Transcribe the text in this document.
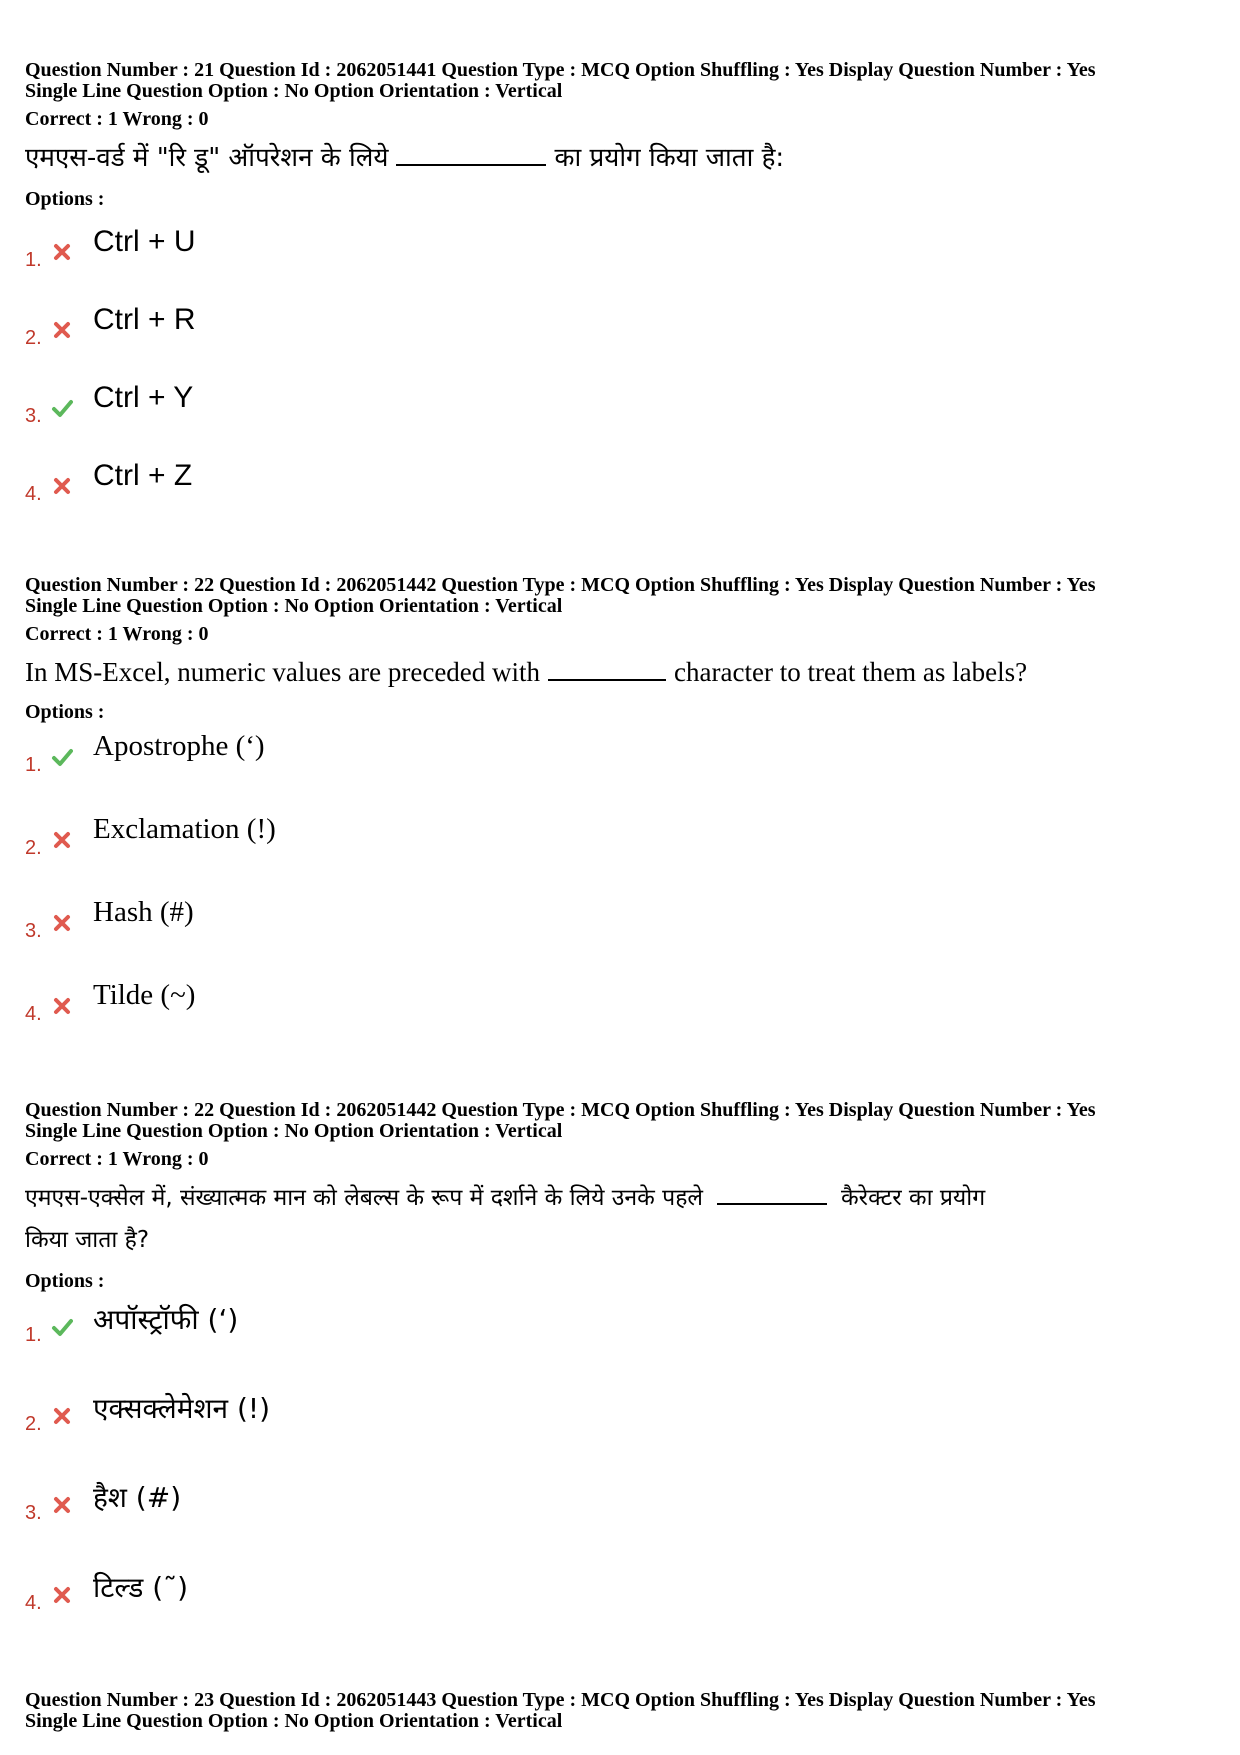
Question Number : 21 Question Id : 2062051441 Question Type : MCQ Option Shuffling : Yes Display Question Number : Yes
Single Line Question Option : No Option Orientation : Vertical
Correct : 1 Wrong : 0
एमएस-वर्ड में "रि डू" ऑपरेशन के लिये	का प्रयोग किया जाता है:
Options :
1.
Ctrl + U
2.
Ctrl + R
3.
Ctrl + Y
4.
Ctrl + Z
Question Number : 22 Question Id : 2062051442 Question Type : MCQ Option Shuffling : Yes Display Question Number : Yes
Single Line Question Option : No Option Orientation : Vertical
Correct : 1 Wrong : 0
In MS-Excel, numeric values are preceded with	character to treat them as labels?
Options :
1.
Apostrophe (‘)
2.
Exclamation (!)
3.
Hash (#)
4.
Tilde (~)
Question Number : 22 Question Id : 2062051442 Question Type : MCQ Option Shuffling : Yes Display Question Number : Yes
Single Line Question Option : No Option Orientation : Vertical
Correct : 1 Wrong : 0
एमएस-एक्सेल में, संख्यात्मक मान को लेबल्स के रूप में दर्शाने के लिये उनके पहले	कैरेक्टर का प्रयोग
किया जाता है?
Options :
1. अपॉस्ट्रॉफी (‘)
2. एक्सक्लेमेशन (!)
3. हैश (#)
4. टिल्ड (˜)
Question Number : 23 Question Id : 2062051443 Question Type : MCQ Option Shuffling : Yes Display Question Number : Yes
Single Line Question Option : No Option Orientation : Vertical
